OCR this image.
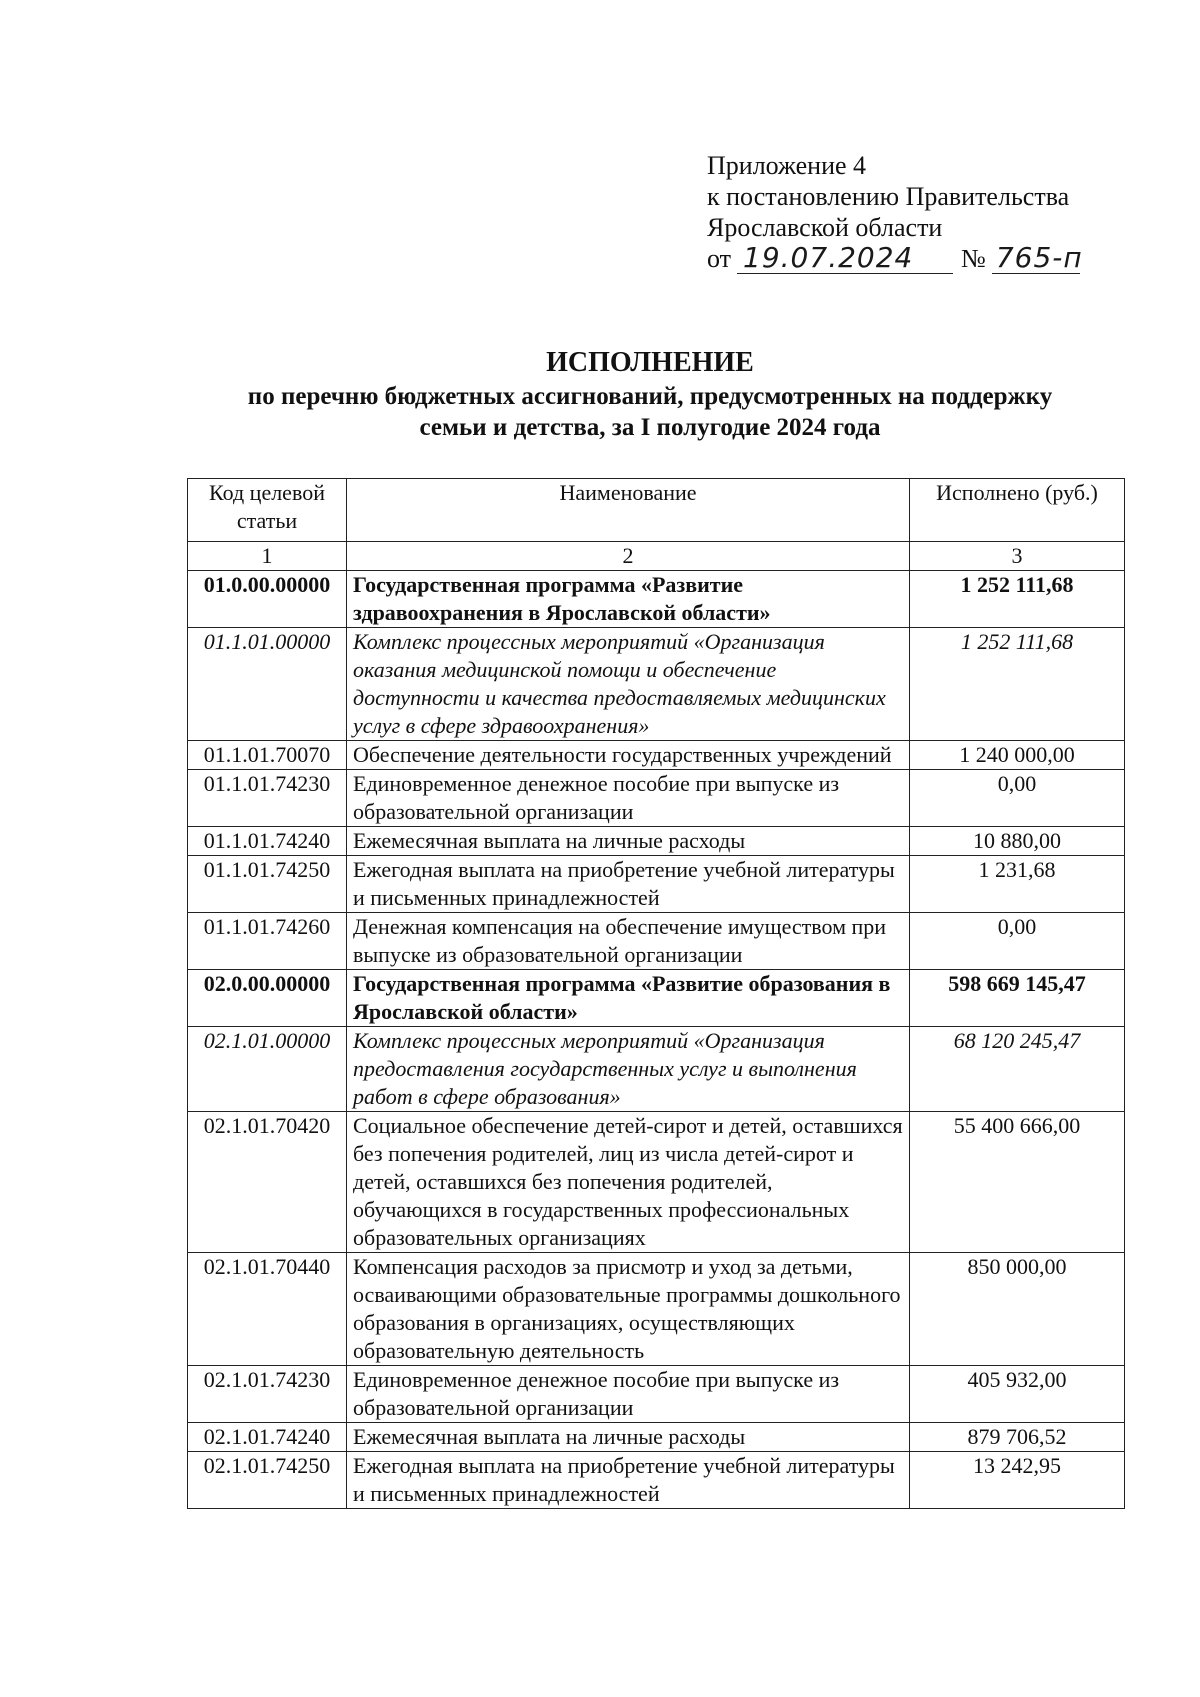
Приложение 4
к постановлению Правительства
Ярославской области
от 19.07.2024	№ 765-п
ИСПОЛНЕНИЕ
по перечню бюджетных ассигнований, предусмотренных на поддержку
семьи и детства, за I полугодие 2024 года
Код целевой статьи	Наименование	Исполнено (руб.)
1	2	3
01.0.00.00000	Государственная программа «Развитие здравоохранения в Ярославской области»	1 252 111,68
01.1.01.00000	Комплекс процессных мероприятий «Организация оказания медицинской помощи и обеспечение доступности и качества предоставляемых медицинских услуг в сфере здравоохранения»	1 252 111,68
01.1.01.70070	Обеспечение деятельности государственных учреждений	1 240 000,00
01.1.01.74230	Единовременное денежное пособие при выпуске из образовательной организации	0,00
01.1.01.74240	Ежемесячная выплата на личные расходы	10 880,00
01.1.01.74250	Ежегодная выплата на приобретение учебной литературы и письменных принадлежностей	1 231,68
01.1.01.74260	Денежная компенсация на обеспечение имуществом при выпуске из образовательной организации	0,00
02.0.00.00000	Государственная программа «Развитие образования в Ярославской области»	598 669 145,47
02.1.01.00000	Комплекс процессных мероприятий «Организация предоставления государственных услуг и выполнения работ в сфере образования»	68 120 245,47
02.1.01.70420	Социальное обеспечение детей-сирот и детей, оставшихся без попечения родителей, лиц из числа детей-сирот и детей, оставшихся без попечения родителей, обучающихся в государственных профессиональных образовательных организациях	55 400 666,00
02.1.01.70440	Компенсация расходов за присмотр и уход за детьми, осваивающими образовательные программы дошкольного образования в организациях, осуществляющих образовательную деятельность	850 000,00
02.1.01.74230	Единовременное денежное пособие при выпуске из образовательной организации	405 932,00
02.1.01.74240	Ежемесячная выплата на личные расходы	879 706,52
02.1.01.74250	Ежегодная выплата на приобретение учебной литературы и письменных принадлежностей	13 242,95
